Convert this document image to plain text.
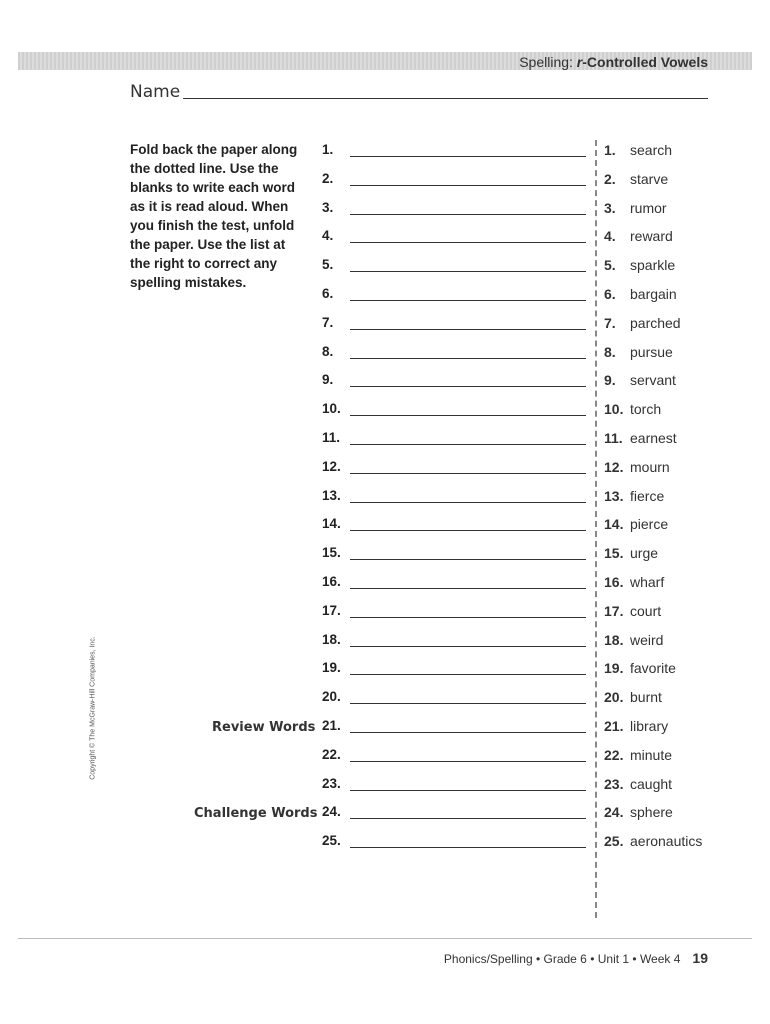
Spelling: r-Controlled Vowels
Name

Fold back the paper along the dotted line. Use the blanks to write each word as it is read aloud. When you finish the test, unfold the paper. Use the list at the right to correct any spelling mistakes.

Review Words
Challenge Words
1.
2.
3.
4.
5.
6.
7.
8.
9.
10.
11.
12.
13.
14.
15.
16.
17.
18.
19.
20.
21.
22.
23.
24.
25.
1. search
2. starve
3. rumor
4. reward
5. sparkle
6. bargain
7. parched
8. pursue
9. servant
10. torch
11. earnest
12. mourn
13. fierce
14. pierce
15. urge
16. wharf
17. court
18. weird
19. favorite
20. burnt
21. library
22. minute
23. caught
24. sphere
25. aeronautics
Copyright © The McGraw-Hill Companies, Inc.
Phonics/Spelling • Grade 6 • Unit 1 • Week 4 19
